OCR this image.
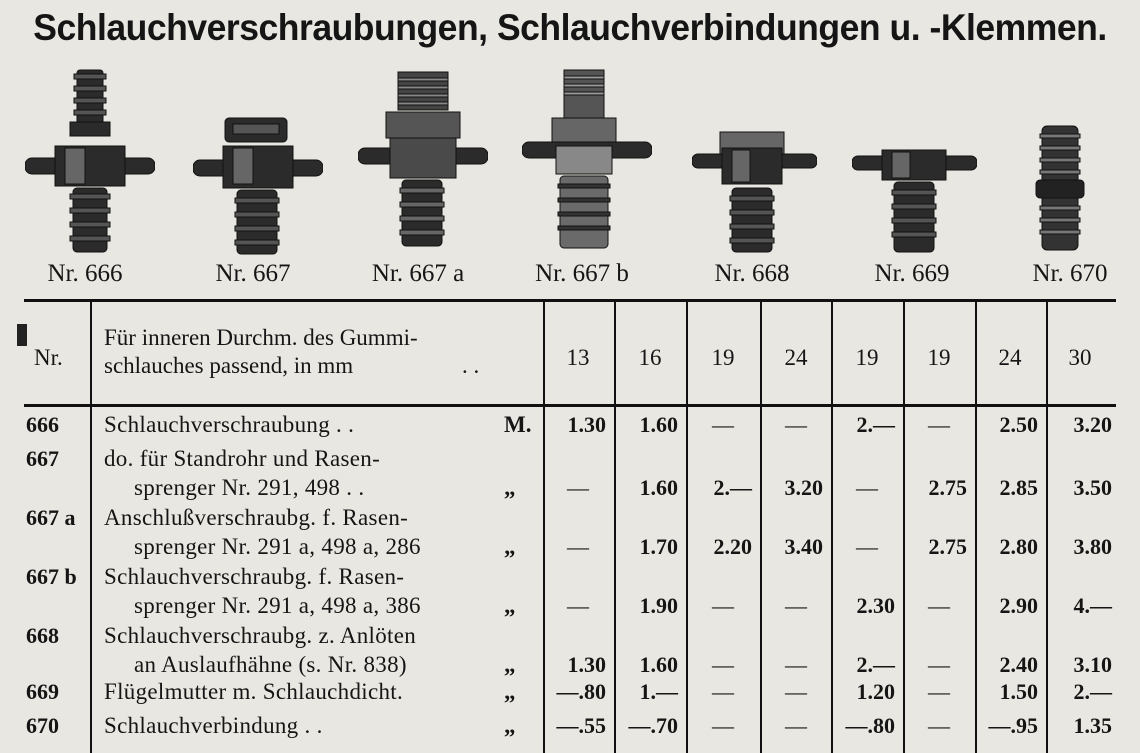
Schlauchverschraubungen, Schlauchverbindungen u. -Klemmen.
Nr. 666	Nr. 667	Nr. 667 a	Nr. 667 b	Nr. 668	Nr. 669	Nr. 670
Nr.
Für inneren Durchm. des Gummi-
schlauches passend, in mm	. .	13	16	19	24	19	19	24	30
666 Schlauchverschraubung . .	M.	1.30	1.60	—	—	2.—	—	2.50	3.20
667 do. für Standrohr und Rasen-
sprenger Nr. 291, 498 . .	„	—	1.60	2.—	3.20	—	2.75	2.85	3.50
667 a Anschlußverschraubg. f. Rasen-
sprenger Nr. 291 a, 498 a, 286	„	—	1.70	2.20	3.40	—	2.75	2.80	3.80
667 b Schlauchverschraubg. f. Rasen-
sprenger Nr. 291 a, 498 a, 386	„	—	1.90	—	—	2.30	—	2.90	4.—
668 Schlauchverschraubg. z. Anlöten
an Auslaufhähne (s. Nr. 838)	„	1.30	1.60	—	—	2.—	—	2.40	3.10
669 Flügelmutter m. Schlauchdicht.	„	—.80	1.—	—	—	1.20	—	1.50	2.—
670 Schlauchverbindung . .	„	—.55	—.70	—	—	—.80	—	—.95	1.35
